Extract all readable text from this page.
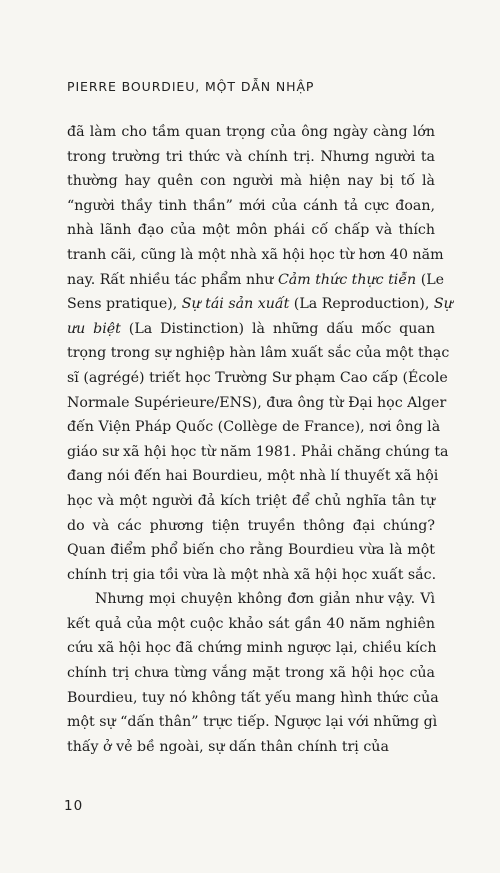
PIERRE BOURDIEU, MỘT DẪN NHẬP

đã làm cho tầm quan trọng của ông ngày càng lớn
trong trường tri thức và chính trị. Nhưng người ta
thường hay quên con người mà hiện nay bị tố là
“người thầy tinh thần” mới của cánh tả cực đoan,
nhà lãnh đạo của một môn phái cố chấp và thích
tranh cãi, cũng là một nhà xã hội học từ hơn 40 năm
nay. Rất nhiều tác phẩm như Cảm thức thực tiễn (Le
Sens pratique), Sự tái sản xuất (La Reproduction), Sự
ưu biệt (La Distinction) là những dấu mốc quan
trọng trong sự nghiệp hàn lâm xuất sắc của một thạc
sĩ (agrégé) triết học Trường Sư phạm Cao cấp (École
Normale Supérieure/ENS), đưa ông từ Đại học Alger
đến Viện Pháp Quốc (Collège de France), nơi ông là
giáo sư xã hội học từ năm 1981. Phải chăng chúng ta
đang nói đến hai Bourdieu, một nhà lí thuyết xã hội
học và một người đả kích triệt để chủ nghĩa tân tự
do và các phương tiện truyền thông đại chúng?
Quan điểm phổ biến cho rằng Bourdieu vừa là một
chính trị gia tồi vừa là một nhà xã hội học xuất sắc.

Nhưng mọi chuyện không đơn giản như vậy. Vì
kết quả của một cuộc khảo sát gần 40 năm nghiên
cứu xã hội học đã chứng minh ngược lại, chiều kích
chính trị chưa từng vắng mặt trong xã hội học của
Bourdieu, tuy nó không tất yếu mang hình thức của
một sự “dấn thân” trực tiếp. Ngược lại với những gì
thấy ở vẻ bề ngoài, sự dấn thân chính trị của

10
